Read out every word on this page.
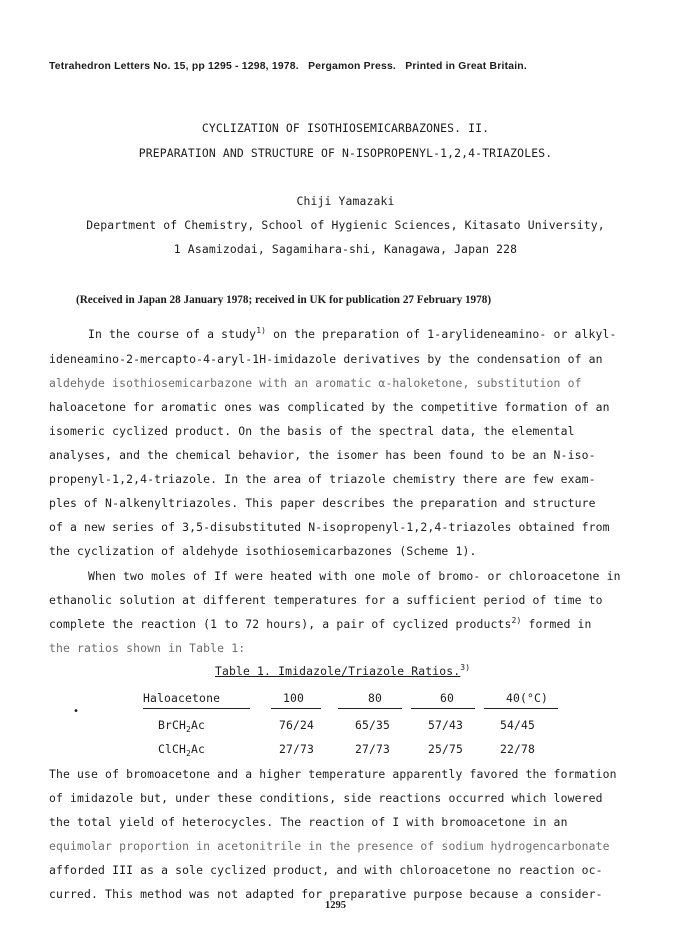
Tetrahedron Letters No. 15, pp 1295 - 1298, 1978. Pergamon Press. Printed in Great Britain.
CYCLIZATION OF ISOTHIOSEMICARBAZONES. II.
PREPARATION AND STRUCTURE OF N-ISOPROPENYL-1,2,4-TRIAZOLES.
Chiji Yamazaki
Department of Chemistry, School of Hygienic Sciences, Kitasato University,
1 Asamizodai, Sagamihara-shi, Kanagawa, Japan 228
(Received in Japan 28 January 1978; received in UK for publication 27 February 1978)
In the course of a study$^{1)}$ on the preparation of 1-arylideneamino- or alkyl-
ideneamino-2-mercapto-4-aryl-1H-imidazole derivatives by the condensation of an
aldehyde isothiosemicarbazone with an aromatic α-haloketone, substitution of
haloacetone for aromatic ones was complicated by the competitive formation of an
isomeric cyclized product. On the basis of the spectral data, the elemental
analyses, and the chemical behavior, the isomer has been found to be an N-iso-
propenyl-1,2,4-triazole. In the area of triazole chemistry there are few exam-
ples of N-alkenyltriazoles. This paper describes the preparation and structure
of a new series of 3,5-disubstituted N-isopropenyl-1,2,4-triazoles obtained from
the cyclization of aldehyde isothiosemicarbazones (Scheme 1).
When two moles of If were heated with one mole of bromo- or chloroacetone in
ethanolic solution at different temperatures for a sufficient period of time to
complete the reaction (1 to 72 hours), a pair of cyclized products$^{2)}$ formed in
the ratios shown in Table 1:
Table 1. Imidazole/Triazole Ratios.$^{3)}$
Haloacetone	100	80	60	40(°C)
•
BrCH$_2$Ac	76/24	65/35	57/43	54/45
ClCH$_2$Ac	27/73	27/73	25/75	22/78
The use of bromoacetone and a higher temperature apparently favored the formation
of imidazole but, under these conditions, side reactions occurred which lowered
the total yield of heterocycles. The reaction of I with bromoacetone in an
equimolar proportion in acetonitrile in the presence of sodium hydrogencarbonate
afforded III as a sole cyclized product, and with chloroacetone no reaction oc-
curred. This method was not adapted for preparative purpose because a consider-
1295
